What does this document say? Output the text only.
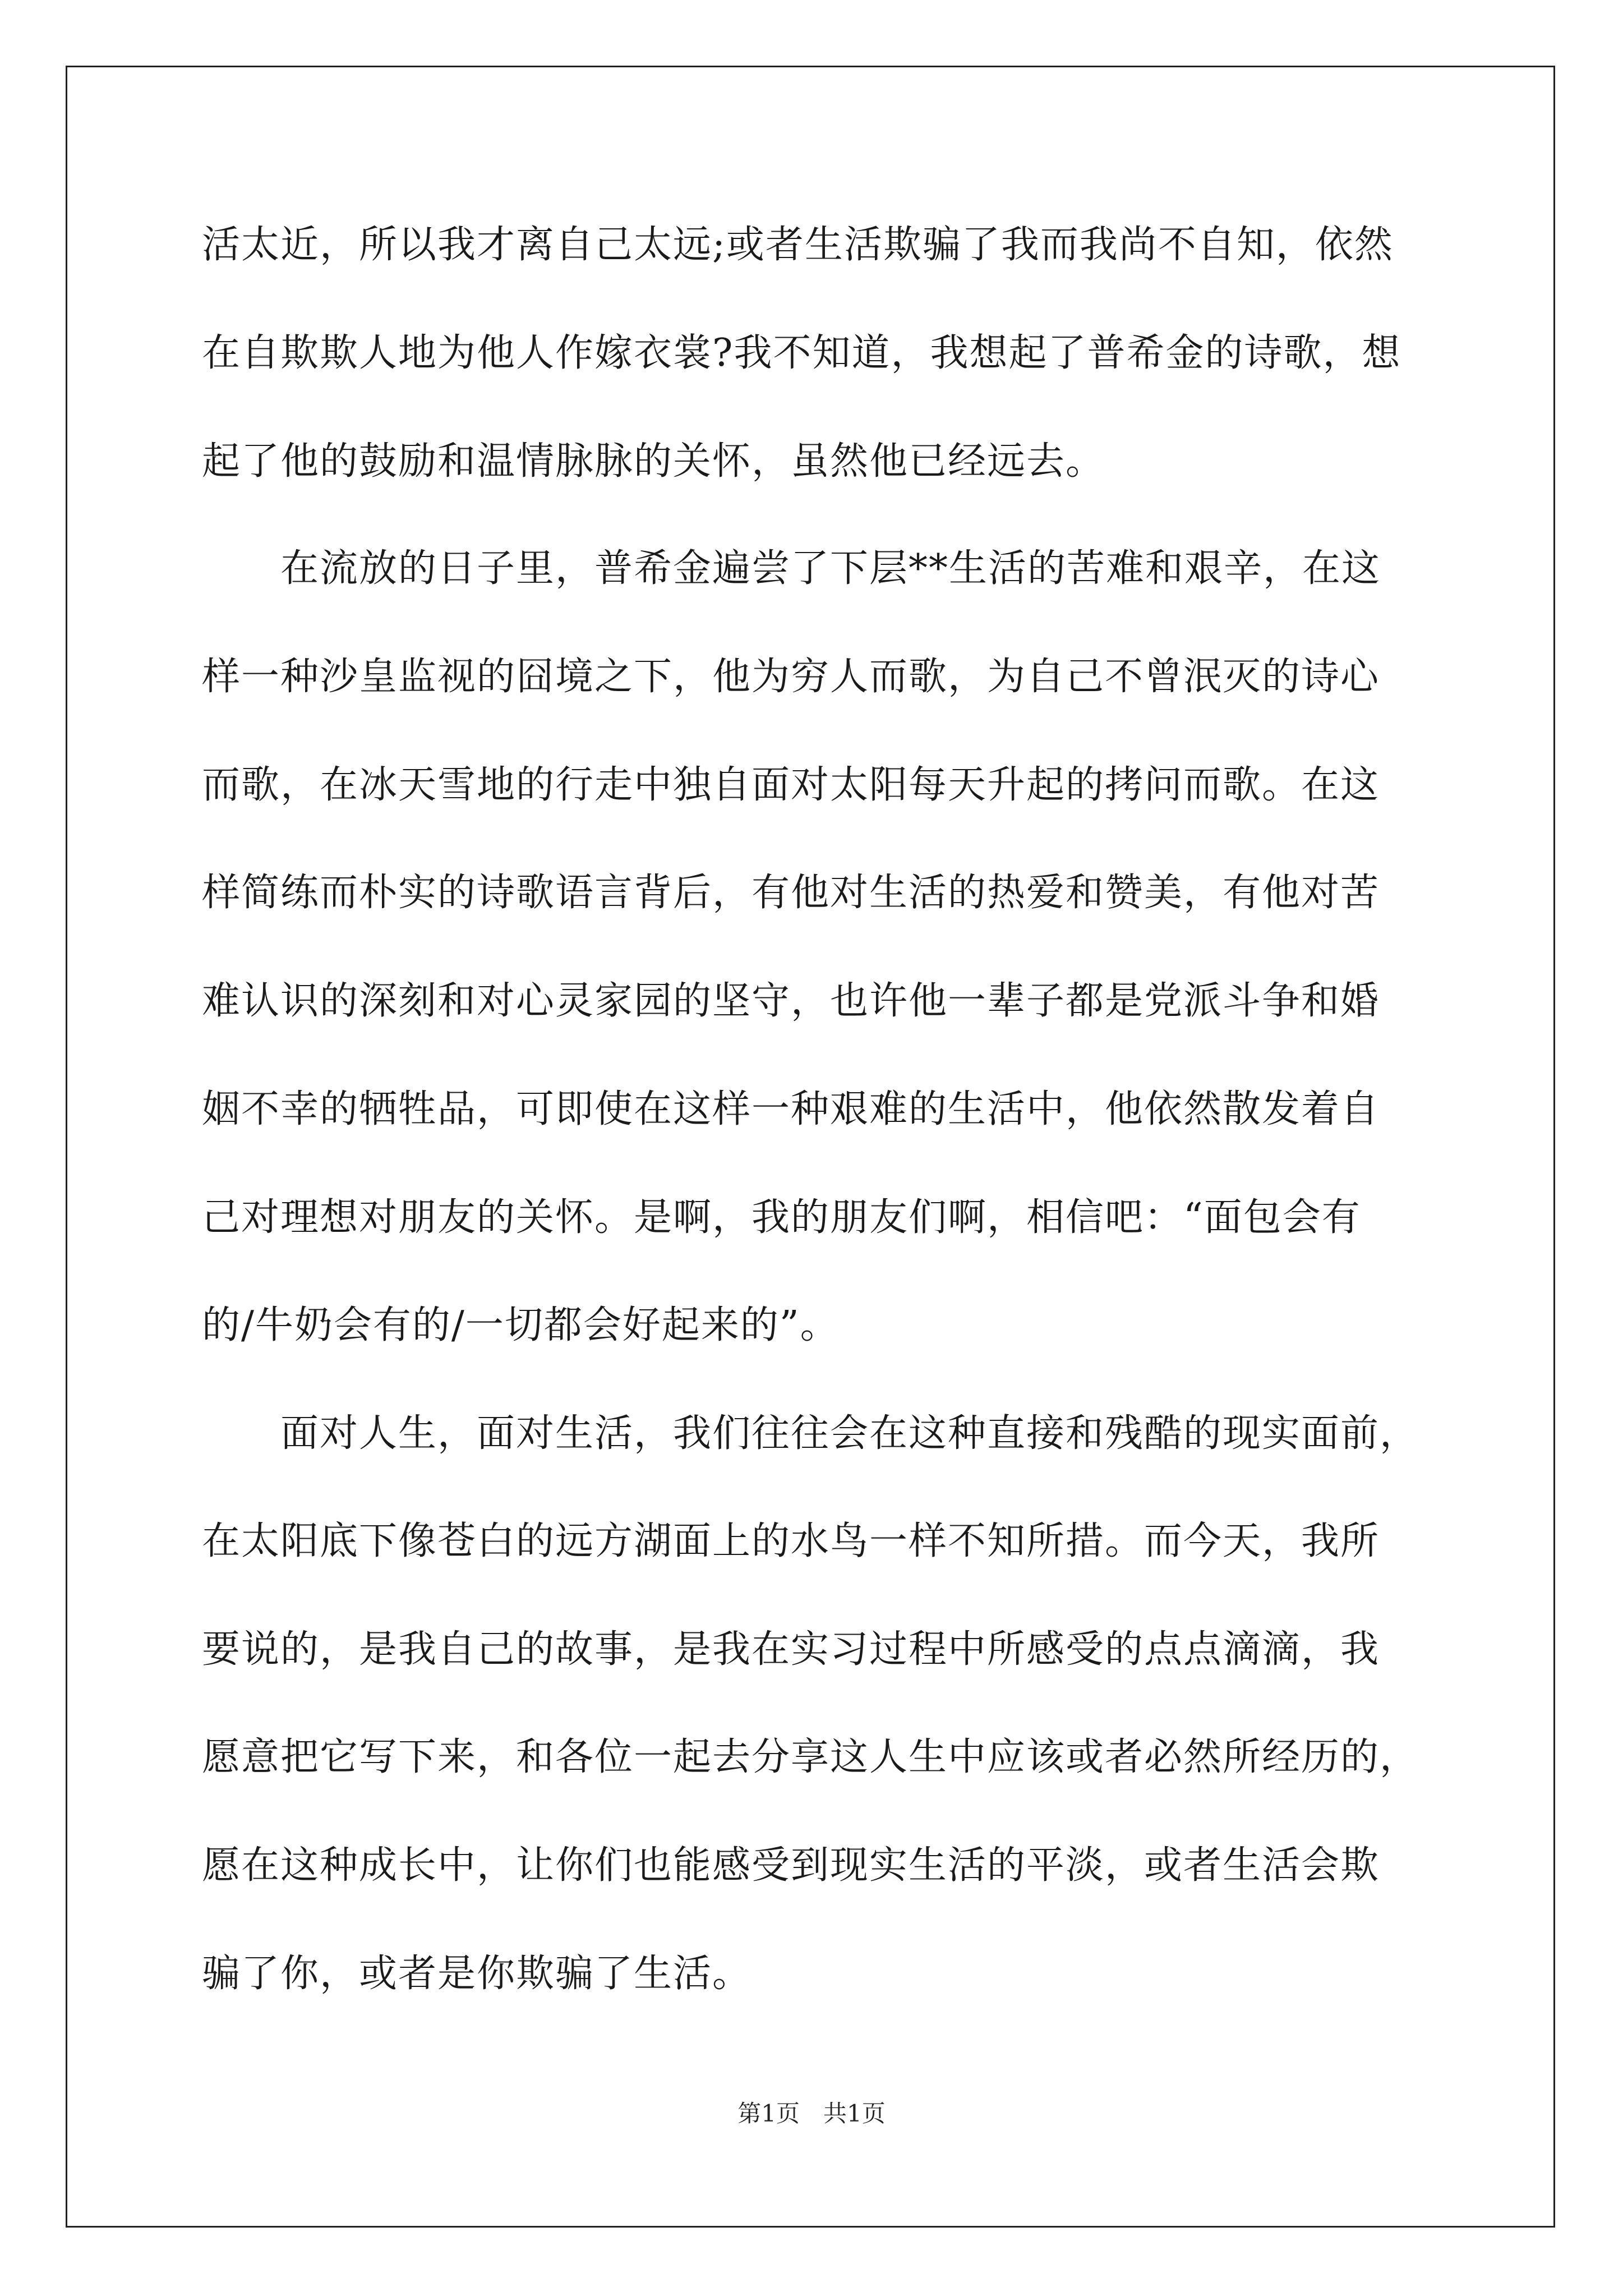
活太近，所以我才离自己太远;或者生活欺骗了我而我尚不自知，依然
在自欺欺人地为他人作嫁衣裳?我不知道，我想起了普希金的诗歌，想
起了他的鼓励和温情脉脉的关怀，虽然他已经远去。
　　在流放的日子里，普希金遍尝了下层**生活的苦难和艰辛，在这
样一种沙皇监视的囧境之下，他为穷人而歌，为自己不曾泯灭的诗心
而歌，在冰天雪地的行走中独自面对太阳每天升起的拷问而歌。在这
样简练而朴实的诗歌语言背后，有他对生活的热爱和赞美，有他对苦
难认识的深刻和对心灵家园的坚守，也许他一辈子都是党派斗争和婚
姻不幸的牺牲品，可即使在这样一种艰难的生活中，他依然散发着自
己对理想对朋友的关怀。是啊，我的朋友们啊，相信吧：“面包会有
的/牛奶会有的/一切都会好起来的”。
　　面对人生，面对生活，我们往往会在这种直接和残酷的现实面前，
在太阳底下像苍白的远方湖面上的水鸟一样不知所措。而今天，我所
要说的，是我自己的故事，是我在实习过程中所感受的点点滴滴，我
愿意把它写下来，和各位一起去分享这人生中应该或者必然所经历的，
愿在这种成长中，让你们也能感受到现实生活的平淡，或者生活会欺
骗了你，或者是你欺骗了生活。
第1页　共1页
